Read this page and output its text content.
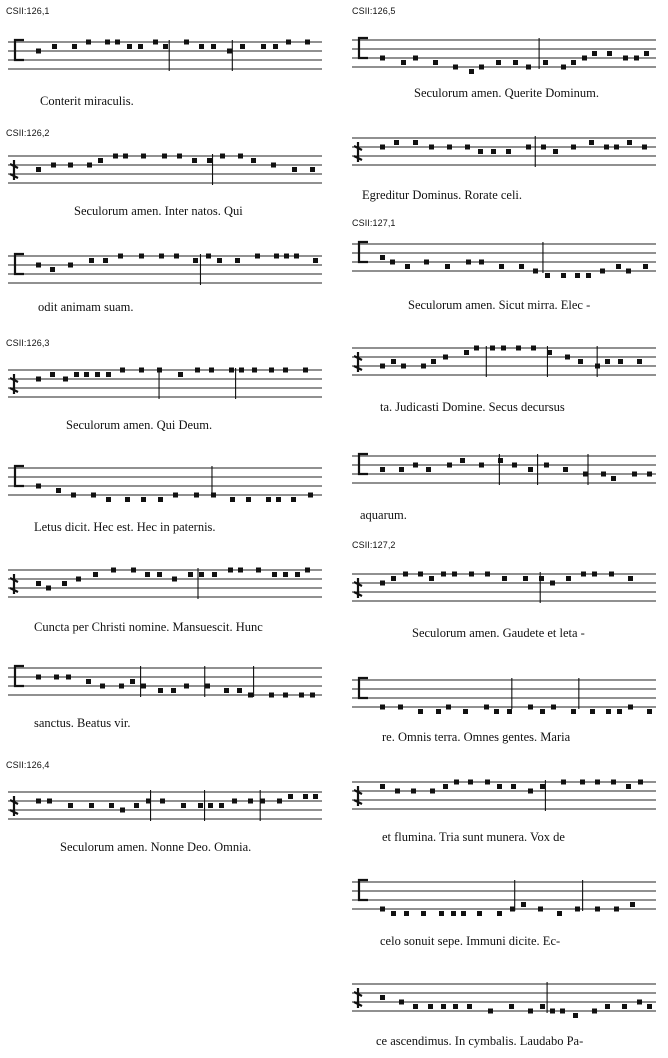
CSII:126,1
Conterit miraculis.
CSII:126,2
Seculorum amen. Inter natos. Qui
odit animam suam.
CSII:126,3
Seculorum amen. Qui Deum.
Letus dicit. Hec est. Hec in paternis.
Cuncta per Christi nomine. Mansuescit. Hunc
sanctus. Beatus vir.
CSII:126,4
Seculorum amen. Nonne Deo. Omnia.
CSII:126,5
Seculorum amen. Querite Dominum.
Egreditur Dominus. Rorate celi.
CSII:127,1
Seculorum amen. Sicut mirra. Elec -
ta. Judicasti Domine. Secus decursus
aquarum.
CSII:127,2
Seculorum amen. Gaudete et leta -
re. Omnis terra. Omnes gentes. Maria
et flumina. Tria sunt munera. Vox de
celo sonuit sepe. Immuni dicite. Ec-
ce ascendimus. In cymbalis. Laudabo Pa-
